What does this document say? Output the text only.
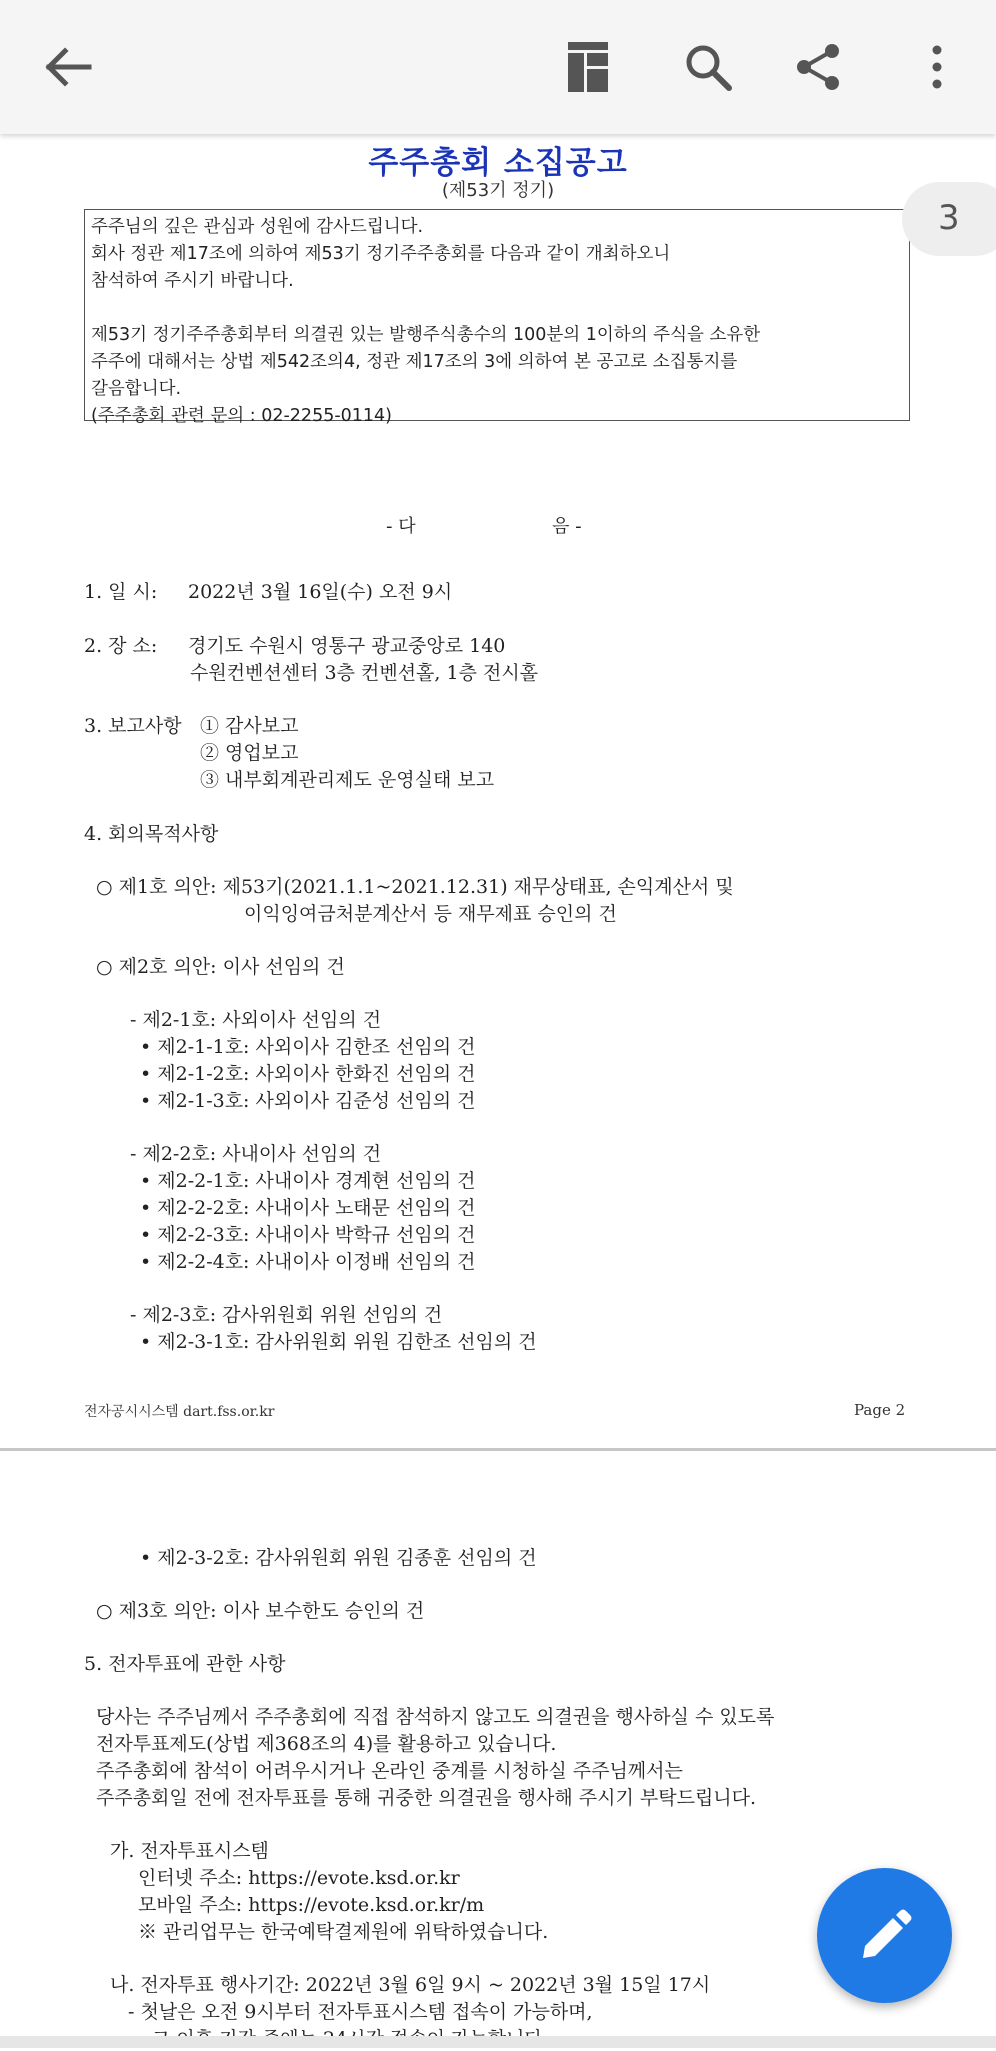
주주총회 소집공고
(제53기 정기)
주주님의 깊은 관심과 성원에 감사드립니다.
회사 정관 제17조에 의하여 제53기 정기주주총회를 다음과 같이 개최하오니
참석하여 주시기 바랍니다.
제53기 정기주주총회부터 의결권 있는 발행주식총수의 100분의 1이하의 주식을 소유한
주주에 대해서는 상법 제542조의4, 정관 제17조의 3에 의하여 본 공고로 소집통지를
갈음합니다.
(주주총회 관련 문의 : 02-2255-0114)
- 다	음 -
1. 일 시: 2022년 3월 16일(수) 오전 9시
2. 장 소: 경기도 수원시 영통구 광교중앙로 140
수원컨벤션센터 3층 컨벤션홀, 1층 전시홀
3. 보고사항 ① 감사보고
② 영업보고
③ 내부회계관리제도 운영실태 보고
4. 회의목적사항
○ 제1호 의안: 제53기(2021.1.1~2021.12.31) 재무상태표, 손익계산서 및
이익잉여금처분계산서 등 재무제표 승인의 건
○ 제2호 의안: 이사 선임의 건
- 제2-1호: 사외이사 선임의 건
• 제2-1-1호: 사외이사 김한조 선임의 건
• 제2-1-2호: 사외이사 한화진 선임의 건
• 제2-1-3호: 사외이사 김준성 선임의 건
- 제2-2호: 사내이사 선임의 건
• 제2-2-1호: 사내이사 경계현 선임의 건
• 제2-2-2호: 사내이사 노태문 선임의 건
• 제2-2-3호: 사내이사 박학규 선임의 건
• 제2-2-4호: 사내이사 이정배 선임의 건
- 제2-3호: 감사위원회 위원 선임의 건
• 제2-3-1호: 감사위원회 위원 김한조 선임의 건
전자공시시스템 dart.fss.or.kr	Page 2
• 제2-3-2호: 감사위원회 위원 김종훈 선임의 건
○ 제3호 의안: 이사 보수한도 승인의 건
5. 전자투표에 관한 사항
당사는 주주님께서 주주총회에 직접 참석하지 않고도 의결권을 행사하실 수 있도록
전자투표제도(상법 제368조의 4)를 활용하고 있습니다.
주주총회에 참석이 어려우시거나 온라인 중계를 시청하실 주주님께서는
주주총회일 전에 전자투표를 통해 귀중한 의결권을 행사해 주시기 부탁드립니다.
가. 전자투표시스템
인터넷 주소: https://evote.ksd.or.kr
모바일 주소: https://evote.ksd.or.kr/m
※ 관리업무는 한국예탁결제원에 위탁하였습니다.
나. 전자투표 행사기간: 2022년 3월 6일 9시 ~ 2022년 3월 15일 17시
- 첫날은 오전 9시부터 전자투표시스템 접속이 가능하며,
3
